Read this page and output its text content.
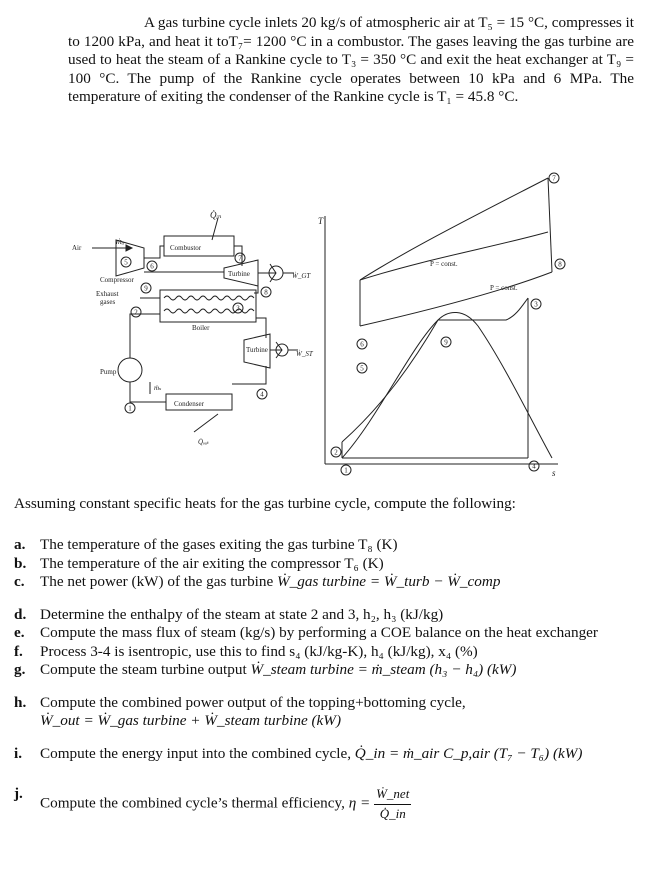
A gas turbine cycle inlets 20 kg/s of atmospheric air at T₅ = 15 °C, compresses it to 1200 kPa, and heat it toT₇= 1200 °C in a combustor. The gases leaving the gas turbine are used to heat the steam of a Rankine cycle to T₃ = 350 °C and exit the heat exchanger at T₉ = 100 °C. The pump of the Rankine cycle operates between 10 kPa and 6 MPa. The temperature of exiting the condenser of the Rankine cycle is T₁ = 45.8 °C.
Q̇ᵢₙ
Air
ṁₐ
Combustor
Compressor
Turbine	Ẇ_GT
Exhaust
gases
Boiler
Turbine	Ẇ_ST
Pump
ṁₛ
Condenser
Q̇ₒᵤₜ
5	6
7
8
9
2	3
4
1
T
s
P = const.
P = const.
1
2
3
4
5
6
7
8
9
Assuming constant specific heats for the gas turbine cycle, compute the following:
a. The temperature of the gases exiting the gas turbine T₈ (K)
b. The temperature of the air exiting the compressor T₆ (K)
c. The net power (kW) of the gas turbine Ẇ_gas turbine = Ẇ_turb − Ẇ_comp
d. Determine the enthalpy of the steam at state 2 and 3, h₂, h₃ (kJ/kg)
e. Compute the mass flux of steam (kg/s) by performing a COE balance on the heat exchanger
f. Process 3-4 is isentropic, use this to find s₄ (kJ/kg-K), h₄ (kJ/kg), x₄ (%)
g. Compute the steam turbine output Ẇ_steam turbine = ṁ_steam (h₃ − h₄) (kW)
h. Compute the combined power output of the topping+bottoming cycle,
Ẇ_out = Ẇ_gas turbine + Ẇ_steam turbine (kW)
i. Compute the energy input into the combined cycle, Q̇_in = ṁ_air C_p,air (T₇ − T₆) (kW)
j.
Compute the combined cycle’s thermal efficiency, $\eta = \frac{\text{Ẇ\_net}}{Q̇\_in}$
